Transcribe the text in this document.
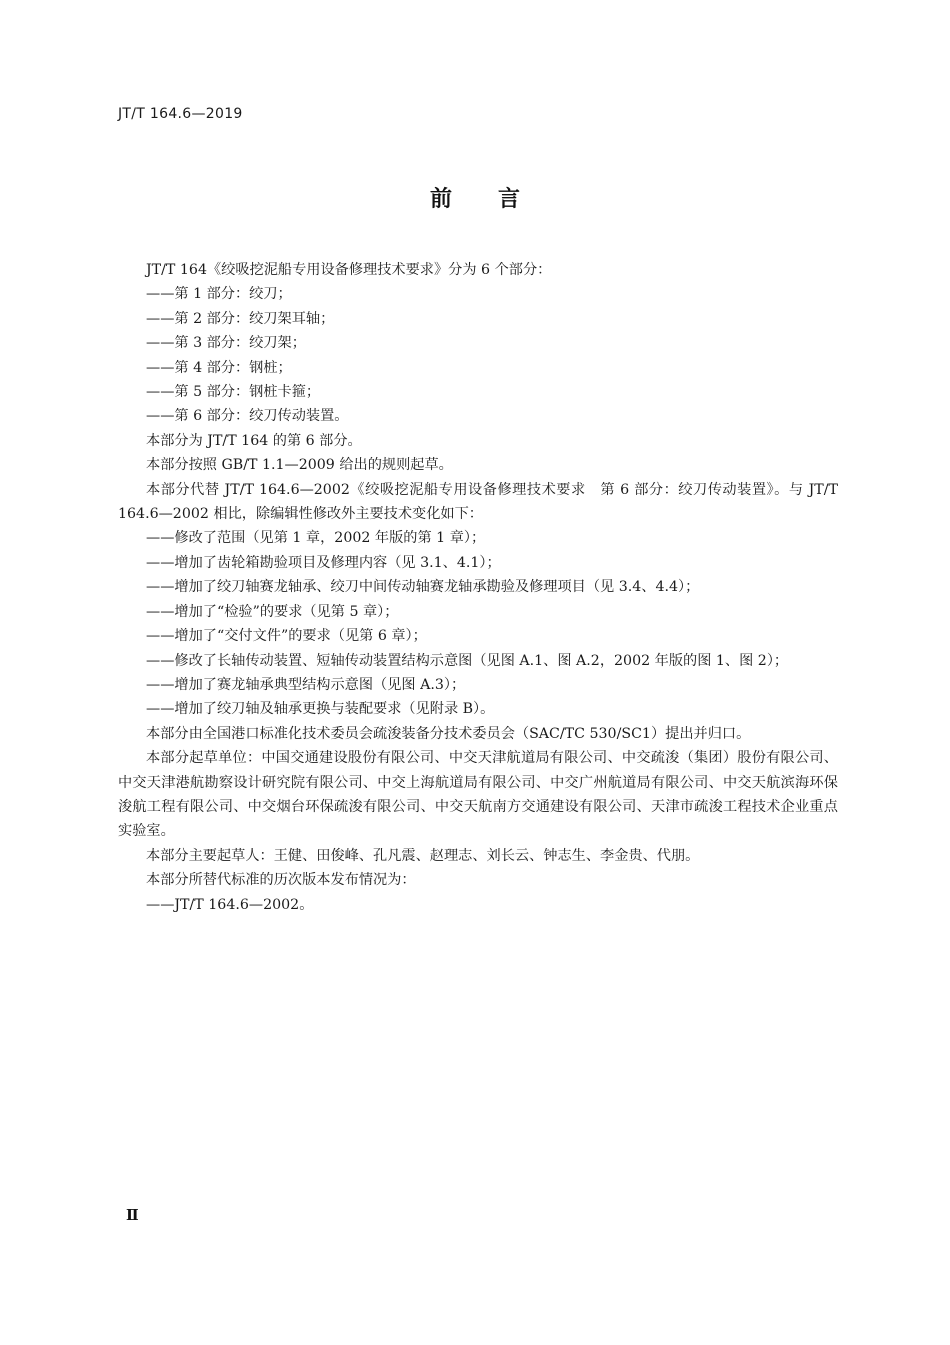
JT/T 164.6—2019
前言

JT/T 164《绞吸挖泥船专用设备修理技术要求》分为 6 个部分：

——第 1 部分：绞刀；

——第 2 部分：绞刀架耳轴；

——第 3 部分：绞刀架；

——第 4 部分：钢桩；

——第 5 部分：钢桩卡箍；

——第 6 部分：绞刀传动装置。

本部分为 JT/T 164 的第 6 部分。

本部分按照 GB/T 1.1—2009 给出的规则起草。

本部分代替 JT/T 164.6—2002《绞吸挖泥船专用设备修理技术要求　第 6 部分：绞刀传动装置》。与 JT/T 164.6—2002 相比，除编辑性修改外主要技术变化如下：

——修改了范围（见第 1 章，2002 年版的第 1 章）；

——增加了齿轮箱勘验项目及修理内容（见 3.1、4.1）；

——增加了绞刀轴赛龙轴承、绞刀中间传动轴赛龙轴承勘验及修理项目（见 3.4、4.4）；

——增加了“检验”的要求（见第 5 章）；

——增加了“交付文件”的要求（见第 6 章）；

——修改了长轴传动装置、短轴传动装置结构示意图（见图 A.1、图 A.2，2002 年版的图 1、图 2）；

——增加了赛龙轴承典型结构示意图（见图 A.3）；

——增加了绞刀轴及轴承更换与装配要求（见附录 B）。

本部分由全国港口标准化技术委员会疏浚装备分技术委员会（SAC/TC 530/SC1）提出并归口。

本部分起草单位：中国交通建设股份有限公司、中交天津航道局有限公司、中交疏浚（集团）股份有限公司、中交天津港航勘察设计研究院有限公司、中交上海航道局有限公司、中交广州航道局有限公司、中交天航滨海环保浚航工程有限公司、中交烟台环保疏浚有限公司、中交天航南方交通建设有限公司、天津市疏浚工程技术企业重点实验室。

本部分主要起草人：王健、田俊峰、孔凡震、赵理志、刘长云、钟志生、李金贵、代朋。

本部分所替代标准的历次版本发布情况为：

——JT/T 164.6—2002。

Ⅱ
